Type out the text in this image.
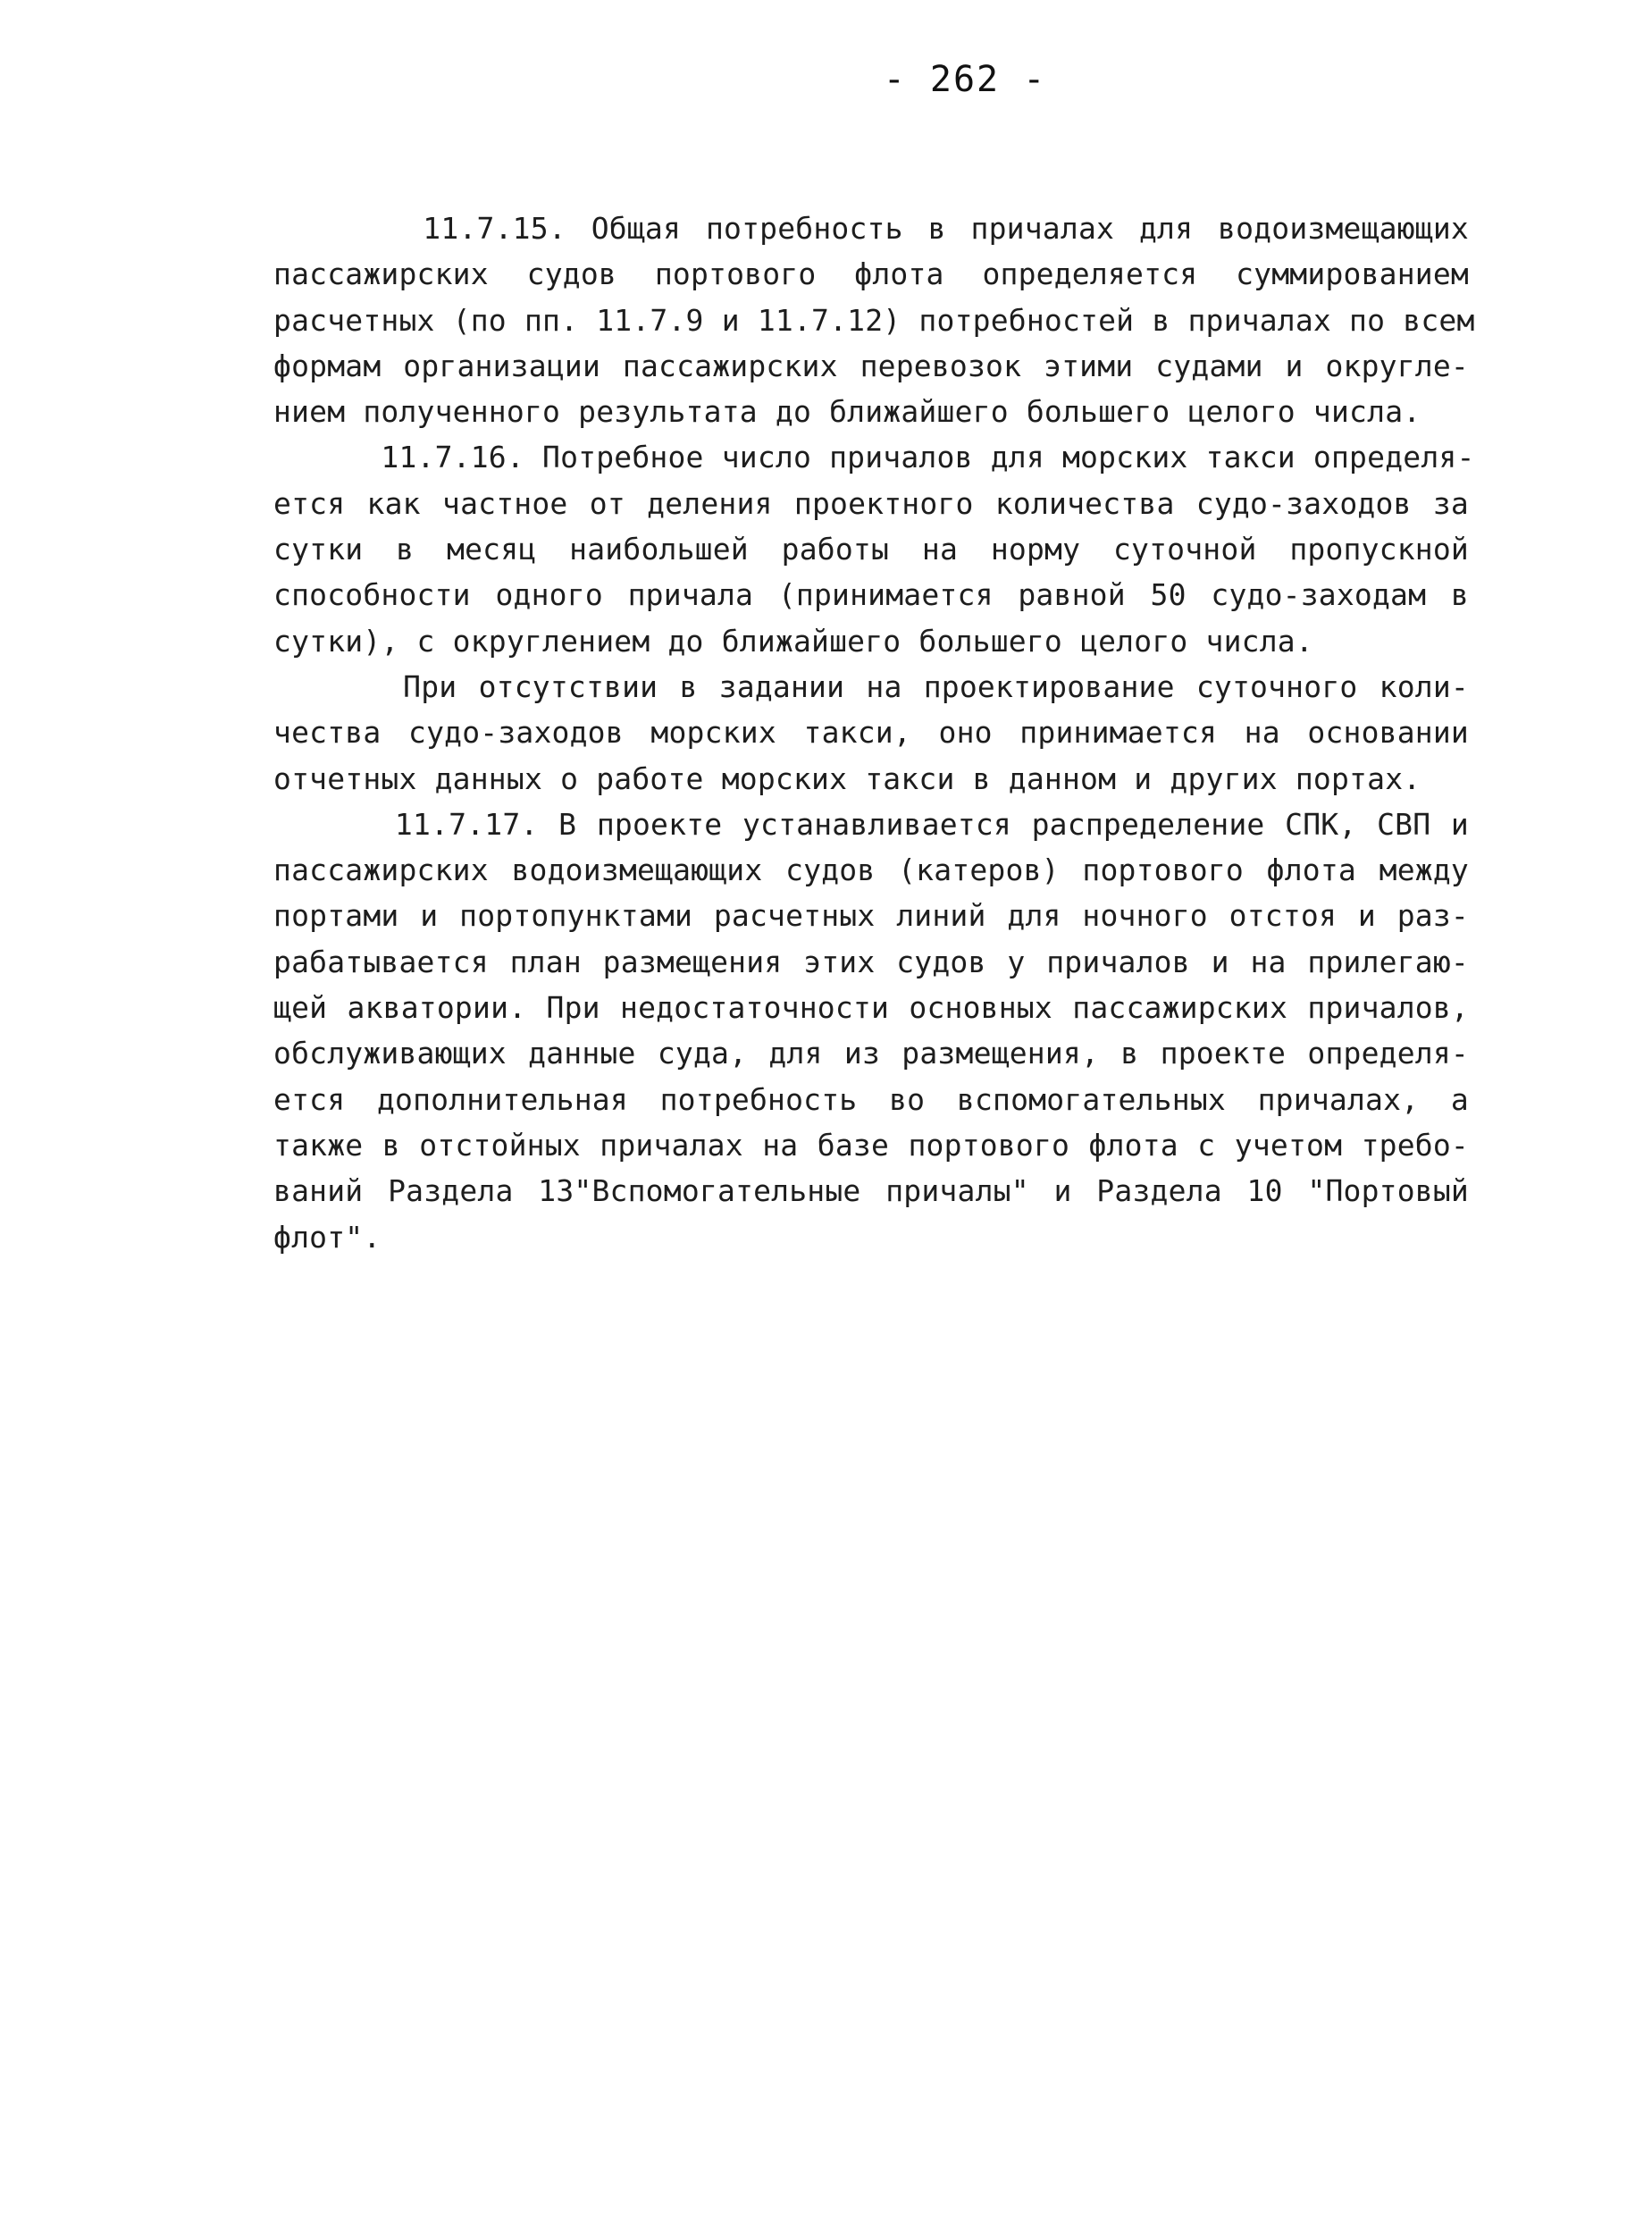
- 262 -
11.7.15. Общая потребность в причалах для водоизмещающих
пассажирских судов портового флота определяется суммированием
расчетных (по пп. 11.7.9 и 11.7.12) потребностей в причалах по всем
формам организации пассажирских перевозок этими судами и округле-
нием полученного результата до ближайшего большего целого числа.
11.7.16. Потребное число причалов для морских такси определя-
ется как частное от деления проектного количества судо-заходов за
сутки в месяц наибольшей работы на норму суточной пропускной
способности одного причала (принимается равной 50 судо-заходам в
сутки), с округлением до ближайшего большего целого числа.
При отсутствии в задании на проектирование суточного коли-
чества судо-заходов морских такси, оно принимается на основании
отчетных данных о работе морских такси в данном и других портах.
11.7.17. В проекте устанавливается распределение СПК, СВП и
пассажирских водоизмещающих судов (катеров) портового флота между
портами и портопунктами расчетных линий для ночного отстоя и раз-
рабатывается план размещения этих судов у причалов и на прилегаю-
щей акватории. При недостаточности основных пассажирских причалов,
обслуживающих данные суда, для из размещения, в проекте определя-
ется дополнительная потребность во вспомогательных причалах, а
также в отстойных причалах на базе портового флота с учетом требо-
ваний Раздела 13"Вспомогательные причалы" и Раздела 10 "Портовый
флот".
